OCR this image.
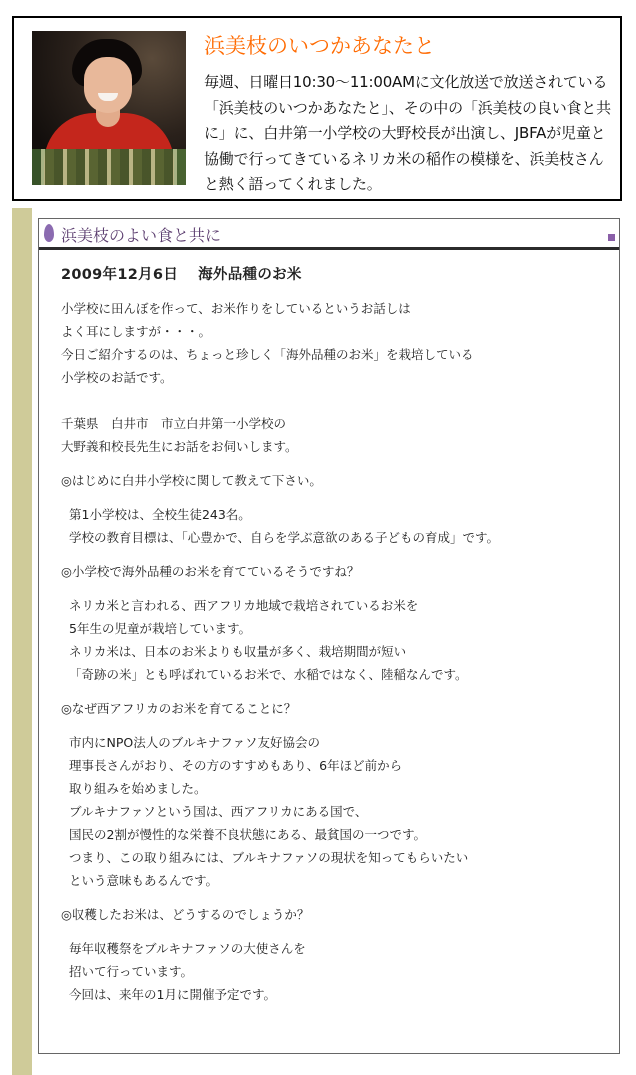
浜美枝のいつかあなたと

毎週、日曜日10:30〜11:00AMに文化放送で放送されている「浜美枝のいつかあなたと」、その中の「浜美枝の良い食と共に」に、白井第一小学校の大野校長が出演し、JBFAが児童と協働で行ってきているネリカ米の稲作の模様を、浜美枝さんと熱く語ってくれました。

浜美枝のよい食と共に
2009年12月6日 海外品種のお米

小学校に田んぼを作って、お米作りをしているというお話しは

よく耳にしますが・・・。

今日ご紹介するのは、ちょっと珍しく「海外品種のお米」を栽培している

小学校のお話です。

千葉県　白井市　市立白井第一小学校の

大野義和校長先生にお話をお伺いします。

◎はじめに白井小学校に関して教えて下さい。

第1小学校は、全校生徒243名。

学校の教育目標は、「心豊かで、自らを学ぶ意欲のある子どもの育成」です。

◎小学校で海外品種のお米を育てているそうですね？

ネリカ米と言われる、西アフリカ地域で栽培されているお米を

5年生の児童が栽培しています。

ネリカ米は、日本のお米よりも収量が多く、栽培期間が短い

「奇跡の米」とも呼ばれているお米で、水稲ではなく、陸稲なんです。

◎なぜ西アフリカのお米を育てることに？

市内にNPO法人のブルキナファソ友好協会の

理事長さんがおり、その方のすすめもあり、6年ほど前から

取り組みを始めました。

ブルキナファソという国は、西アフリカにある国で、

国民の2割が慢性的な栄養不良状態にある、最貧国の一つです。

つまり、この取り組みには、ブルキナファソの現状を知ってもらいたい

という意味もあるんです。

◎収穫したお米は、どうするのでしょうか？

毎年収穫祭をブルキナファソの大使さんを

招いて行っています。

今回は、来年の1月に開催予定です。
